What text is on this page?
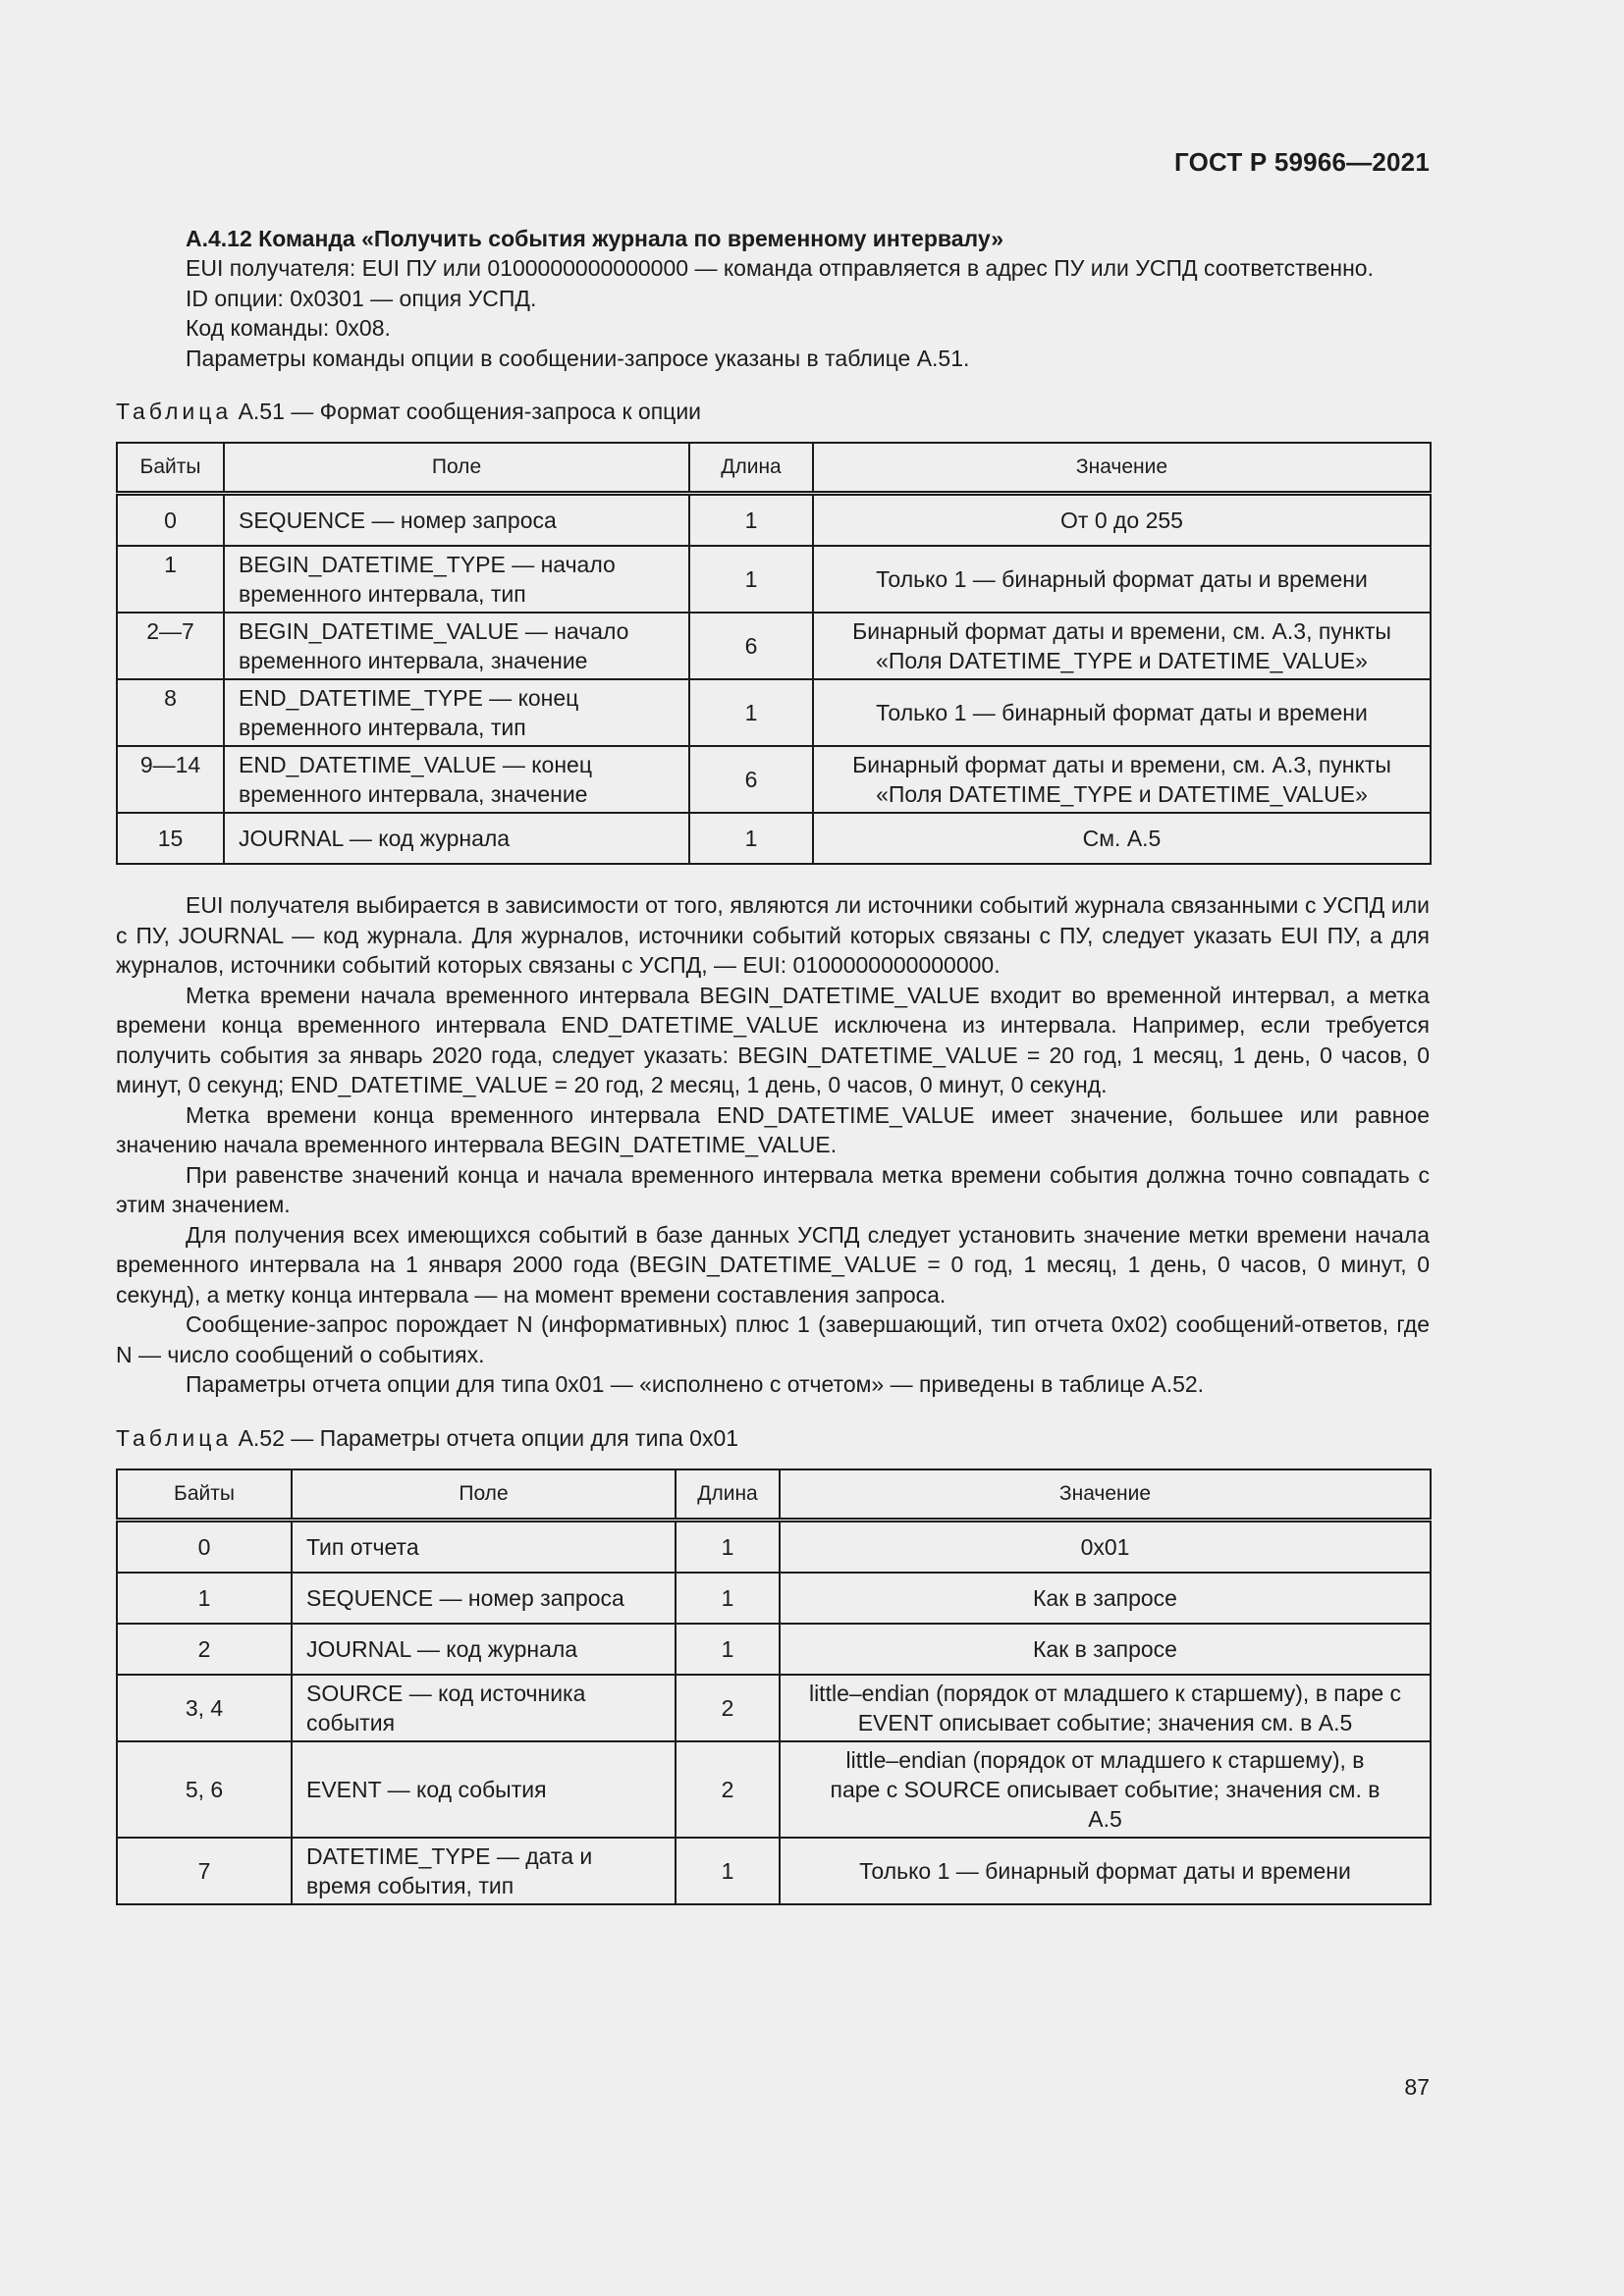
ГОСТ Р 59966—2021
А.4.12 Команда «Получить события журнала по временному интервалу»

EUI получателя: EUI ПУ или 0100000000000000 — команда отправляется в адрес ПУ или УСПД соответственно.

ID опции: 0x0301 — опция УСПД.

Код команды: 0x08.

Параметры команды опции в сообщении-запросе указаны в таблице А.51.

Таблица А.51 — Формат сообщения-запроса к опции
Байты	Поле	Длина	Значение
0	SEQUENCE — номер запроса	1	От 0 до 255
1	BEGIN_DATETIME_TYPE — начало временного интервала, тип	1	Только 1 — бинарный формат даты и времени
2—7	BEGIN_DATETIME_VALUE — начало временного интервала, значение	6	Бинарный формат даты и времени, см. А.3, пункты «Поля DATETIME_TYPE и DATETIME_VALUE»
8	END_DATETIME_TYPE — конец временного интервала, тип	1	Только 1 — бинарный формат даты и времени
9—14	END_DATETIME_VALUE — конец временного интервала, значение	6	Бинарный формат даты и времени, см. А.3, пункты «Поля DATETIME_TYPE и DATETIME_VALUE»
15	JOURNAL — код журнала	1	См. А.5

EUI получателя выбирается в зависимости от того, являются ли источники событий журнала связанными с УСПД или с ПУ, JOURNAL — код журнала. Для журналов, источники событий которых связаны с ПУ, следует указать EUI ПУ, а для журналов, источники событий которых связаны с УСПД, — EUI: 0100000000000000.

Метка времени начала временного интервала BEGIN_DATETIME_VALUE входит во временной интервал, а метка времени конца временного интервала END_DATETIME_VALUE исключена из интервала. Например, если требуется получить события за январь 2020 года, следует указать: BEGIN_DATETIME_VALUE = 20 год, 1 месяц, 1 день, 0 часов, 0 минут, 0 секунд; END_DATETIME_VALUE = 20 год, 2 месяц, 1 день, 0 часов, 0 минут, 0 секунд.

Метка времени конца временного интервала END_DATETIME_VALUE имеет значение, большее или равное значению начала временного интервала BEGIN_DATETIME_VALUE.

При равенстве значений конца и начала временного интервала метка времени события должна точно совпадать с этим значением.

Для получения всех имеющихся событий в базе данных УСПД следует установить значение метки времени начала временного интервала на 1 января 2000 года (BEGIN_DATETIME_VALUE = 0 год, 1 месяц, 1 день, 0 часов, 0 минут, 0 секунд), а метку конца интервала — на момент времени составления запроса.

Сообщение-запрос порождает N (информативных) плюс 1 (завершающий, тип отчета 0x02) сообщений-ответов, где N — число сообщений о событиях.

Параметры отчета опции для типа 0x01 — «исполнено с отчетом» — приведены в таблице А.52.

Таблица А.52 — Параметры отчета опции для типа 0x01
Байты	Поле	Длина	Значение
0	Тип отчета	1	0x01
1	SEQUENCE — номер запроса	1	Как в запросе
2	JOURNAL — код журнала	1	Как в запросе
3, 4	SOURCE — код источника события	2	little–endian (порядок от младшего к старшему), в паре с EVENT описывает событие; значения см. в А.5
5, 6	EVENT — код события	2	little–endian (порядок от младшего к старшему), в паре с SOURCE описывает событие; значения см. в А.5
7	DATETIME_TYPE — дата и время события, тип	1	Только 1 — бинарный формат даты и времени
87
